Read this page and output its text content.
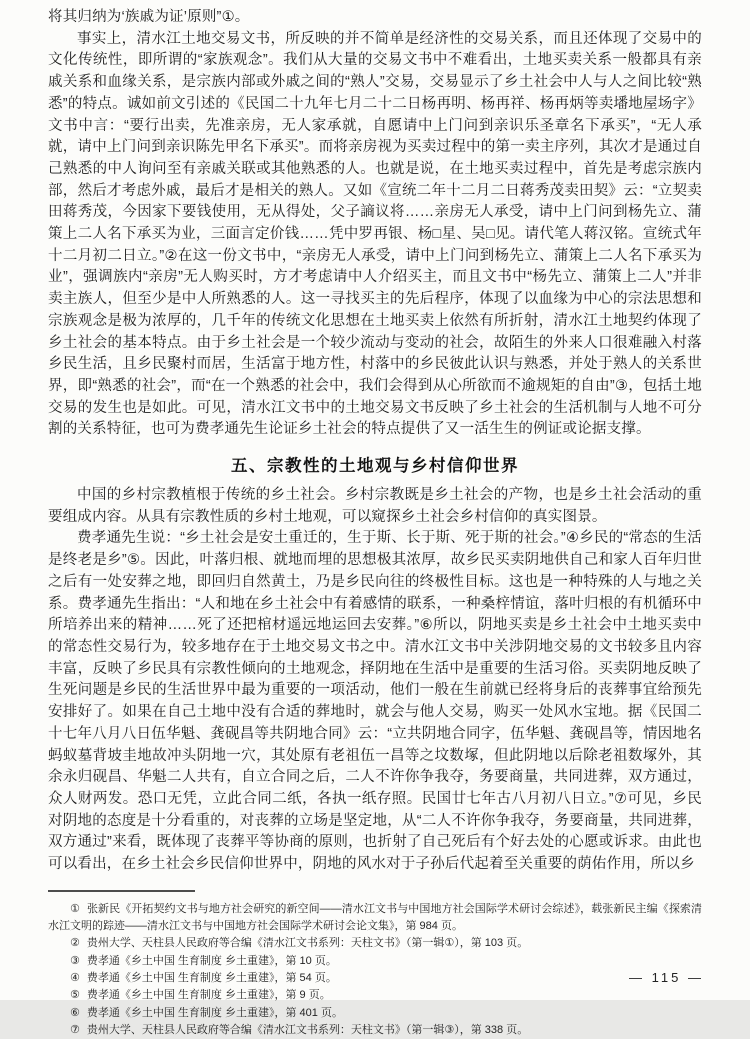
将其归纳为‘族戚为证’原则”①。

事实上，清水江土地交易文书，所反映的并不简单是经济性的交易关系，而且还体现了交易中的文化传统性，即所谓的“家族观念”。我们从大量的交易文书中不难看出，土地买卖关系一般都具有亲戚关系和血缘关系，是宗族内部或外戚之间的“熟人”交易，交易显示了乡土社会中人与人之间比较“熟悉”的特点。诚如前文引述的《民国二十九年七月二十二日杨再明、杨再祥、杨再炳等卖墦地屋场字》文书中言：“要行出卖，先准亲房，无人家承就，自愿请中上门问到亲识乐圣章名下承买”，“无人承就，请中上门问到亲识陈先甲名下承买”。而将亲房视为买卖过程中的第一卖主序列，其次才是通过自己熟悉的中人询问至有亲戚关联或其他熟悉的人。也就是说，在土地买卖过程中，首先是考虑宗族内部，然后才考虑外戚，最后才是相关的熟人。又如《宣统二年十二月二日蒋秀茂卖田契》云：“立契卖田蒋秀茂，今因家下要钱使用，无从得处，父子謪议将……亲房无人承受，请中上门问到杨先立、蒲策上二人名下承买为业，三面言定价钱……凭中罗再银、杨□星、吴□见。请代笔人蒋汉铭。宣统式年十二月初二日立。”②在这一份文书中，“亲房无人承受，请中上门问到杨先立、蒲策上二人名下承买为业”，强调族内“亲房”无人购买时，方才考虑请中人介绍买主，而且文书中“杨先立、蒲策上二人”并非卖主族人，但至少是中人所熟悉的人。这一寻找买主的先后程序，体现了以血缘为中心的宗法思想和宗族观念是极为浓厚的，几千年的传统文化思想在土地买卖上依然有所折射，清水江土地契约体现了乡土社会的基本特点。由于乡土社会是一个较少流动与变动的社会，故陌生的外来人口很难融入村落乡民生活，且乡民聚村而居，生活富于地方性，村落中的乡民彼此认识与熟悉，并处于熟人的关系世界，即“熟悉的社会”，而“在一个熟悉的社会中，我们会得到从心所欲而不逾规矩的自由”③，包括土地交易的发生也是如此。可见，清水江文书中的土地交易文书反映了乡土社会的生活机制与人地不可分割的关系特征，也可为费孝通先生论证乡土社会的特点提供了又一活生生的例证或论据支撑。

五、宗教性的土地观与乡村信仰世界

中国的乡村宗教植根于传统的乡土社会。乡村宗教既是乡土社会的产物，也是乡土社会活动的重要组成内容。从具有宗教性质的乡村土地观，可以窥探乡土社会乡村信仰的真实图景。

费孝通先生说：“乡土社会是安土重迁的，生于斯、长于斯、死于斯的社会。”④乡民的“常态的生活是终老是乡”⑤。因此，叶落归根、就地而埋的思想极其浓厚，故乡民买卖阴地供自己和家人百年归世之后有一处安葬之地，即回归自然黄土，乃是乡民向往的终极性目标。这也是一种特殊的人与地之关系。费孝通先生指出：“人和地在乡土社会中有着感情的联系，一种桑梓情谊，落叶归根的有机循环中所培养出来的精神……死了还把棺材遥远地运回去安葬。”⑥所以，阴地买卖是乡土社会中土地买卖中的常态性交易行为，较多地存在于土地交易文书之中。清水江文书中关涉阴地交易的文书较多且内容丰富，反映了乡民具有宗教性倾向的土地观念，择阴地在生活中是重要的生活习俗。买卖阴地反映了生死问题是乡民的生活世界中最为重要的一项活动，他们一般在生前就已经将身后的丧葬事宜给预先安排好了。如果在自己土地中没有合适的葬地时，就会与他人交易，购买一处风水宝地。据《民国二十七年八月八日伍华魁、龚砚昌等共阴地合同》云：“立共阴地合同字，伍华魁、龚砚昌等，情因地名蚂蚁墓背坡圭地故冲头阴地一穴，其处原有老祖伍一昌等之坟数塚，但此阴地以后除老祖数塚外，其余永归砚昌、华魁二人共有，自立合同之后，二人不许你争我夺，务要商量，共同进葬，双方通过，众人财两发。恐口无凭，立此合同二纸，各执一纸存照。民国廿七年古八月初八日立。”⑦可见，乡民对阴地的态度是十分看重的，对丧葬的立场是坚定地，从“二人不许你争我夺，务要商量，共同进葬，双方通过”来看，既体现了丧葬平等协商的原则，也折射了自己死后有个好去处的心愿或诉求。由此也可以看出，在乡土社会乡民信仰世界中，阴地的风水对于子孙后代起着至关重要的荫佑作用，所以乡

① 张新民《开拓契约文书与地方社会研究的新空间——清水江文书与中国地方社会国际学术研讨会综述》，载张新民主编《探索清水江文明的踪迹——清水江文书与中国地方社会国际学术研讨会论文集》，第 984 页。

② 贵州大学、天柱县人民政府等合编《清水江文书系列：天柱文书》（第一辑①），第 103 页。

③ 费孝通《乡土中国 生育制度 乡土重建》，第 10 页。

④ 费孝通《乡土中国 生育制度 乡土重建》，第 54 页。

⑤ 费孝通《乡土中国 生育制度 乡土重建》，第 9 页。

⑥ 费孝通《乡土中国 生育制度 乡土重建》，第 401 页。

⑦ 贵州大学、天柱县人民政府等合编《清水江文书系列：天柱文书》（第一辑③），第 338 页。

— 115 —
